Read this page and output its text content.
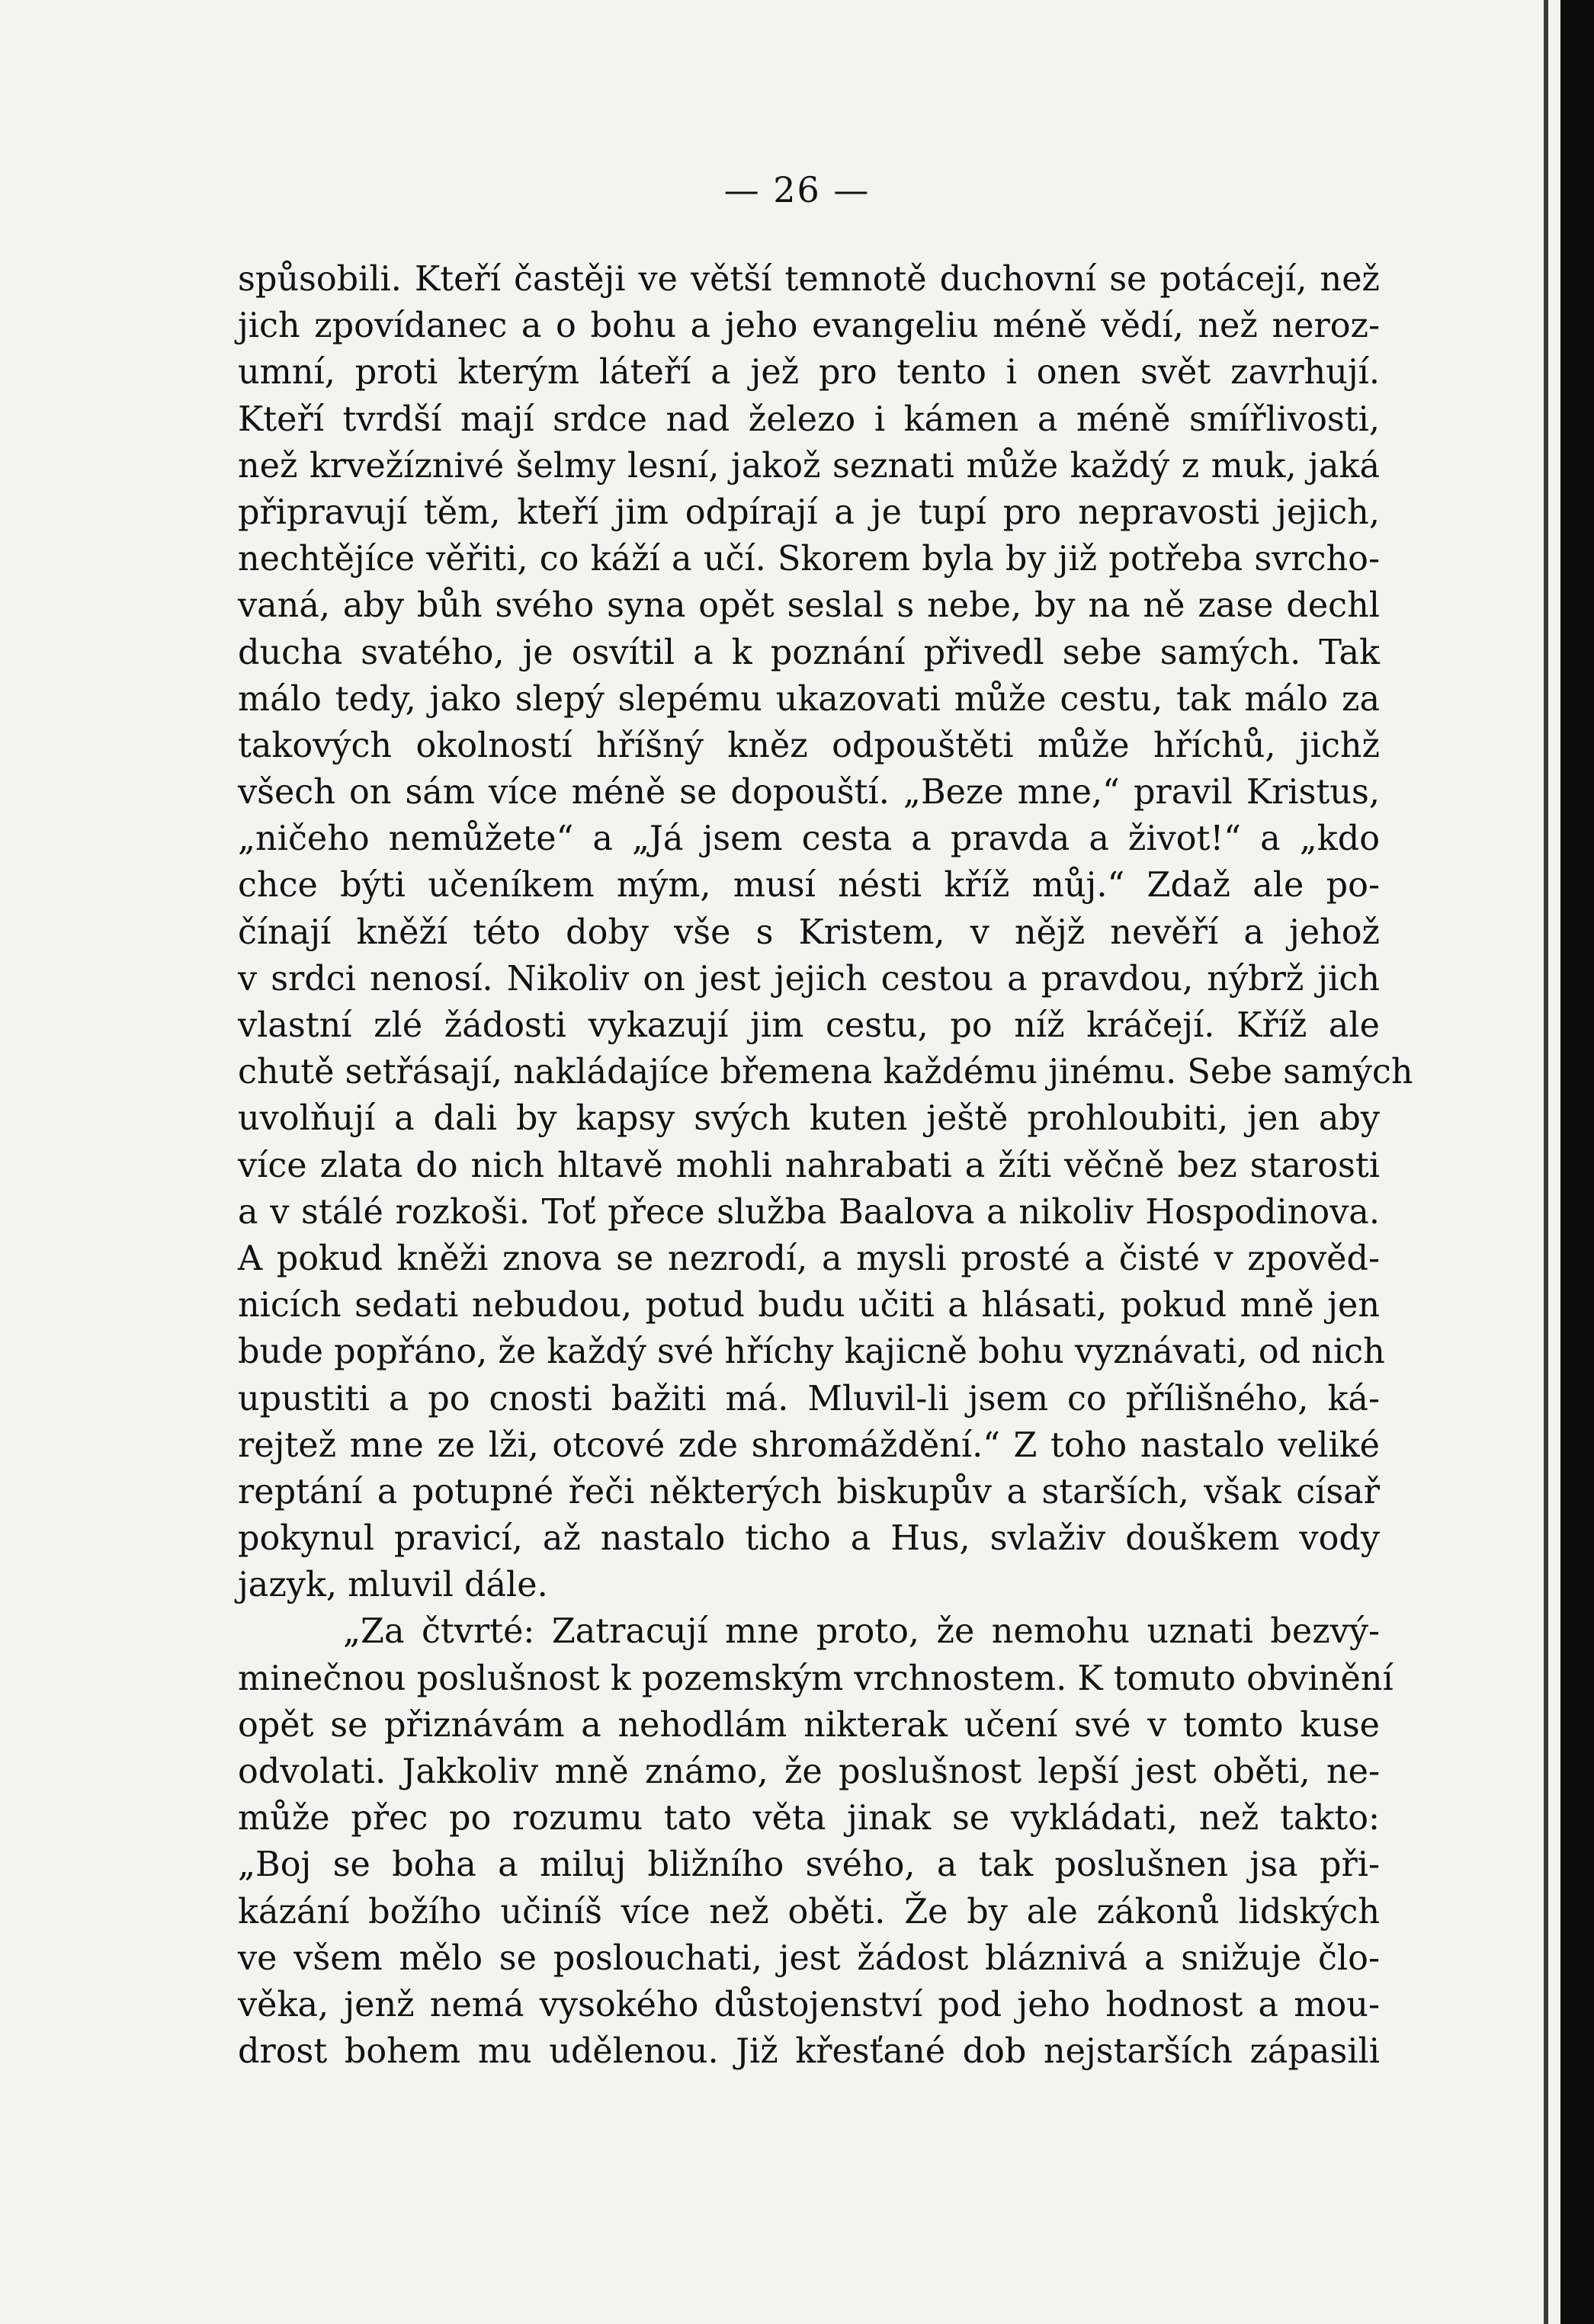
— 26 —
spůsobili. Kteří častěji ve větší temnotě duchovní se potácejí, než
jich zpovídanec a o bohu a jeho evangeliu méně vědí, než neroz-
umní, proti kterým láteří a jež pro tento i onen svět zavrhují.
Kteří tvrdší mají srdce nad železo i kámen a méně smířlivosti,
než krvežíznivé šelmy lesní, jakož seznati může každý z muk, jaká
připravují těm, kteří jim odpírají a je tupí pro nepravosti jejich,
nechtějíce věřiti, co káží a učí. Skorem byla by již potřeba svrcho-
vaná, aby bůh svého syna opět seslal s nebe, by na ně zase dechl
ducha svatého, je osvítil a k poznání přivedl sebe samých. Tak
málo tedy, jako slepý slepému ukazovati může cestu, tak málo za
takových okolností hříšný kněz odpouštěti může hříchů, jichž
všech on sám více méně se dopouští. „Beze mne,“ pravil Kristus,
„ničeho nemůžete“ a „Já jsem cesta a pravda a život!“ a „kdo
chce býti učeníkem mým, musí nésti kříž můj.“ Zdaž ale po-
čínají kněží této doby vše s Kristem, v nějž nevěří a jehož
v srdci nenosí. Nikoliv on jest jejich cestou a pravdou, nýbrž jich
vlastní zlé žádosti vykazují jim cestu, po níž kráčejí. Kříž ale
chutě setřásají, nakládajíce břemena každému jinému. Sebe samých
uvolňují a dali by kapsy svých kuten ještě prohloubiti, jen aby
více zlata do nich hltavě mohli nahrabati a žíti věčně bez starosti
a v stálé rozkoši. Toť přece služba Baalova a nikoliv Hospodinova.
A pokud kněži znova se nezrodí, a mysli prosté a čisté v zpověd-
nicích sedati nebudou, potud budu učiti a hlásati, pokud mně jen
bude popřáno, že každý své hříchy kajicně bohu vyznávati, od nich
upustiti a po cnosti bažiti má. Mluvil-li jsem co přílišného, ká-
rejtež mne ze lži, otcové zde shromáždění.“ Z toho nastalo veliké
reptání a potupné řeči některých biskupův a starších, však císař
pokynul pravicí, až nastalo ticho a Hus, svlaživ douškem vody
jazyk, mluvil dále.
„Za čtvrté: Zatracují mne proto, že nemohu uznati bezvý-
minečnou poslušnost k pozemským vrchnostem. K tomuto obvinění
opět se přiznávám a nehodlám nikterak učení své v tomto kuse
odvolati. Jakkoliv mně známo, že poslušnost lepší jest oběti, ne-
může přec po rozumu tato věta jinak se vykládati, než takto:
„Boj se boha a miluj bližního svého, a tak poslušnen jsa při-
kázání božího učiníš více než oběti. Že by ale zákonů lidských
ve všem mělo se poslouchati, jest žádost bláznivá a snižuje člo-
věka, jenž nemá vysokého důstojenství pod jeho hodnost a mou-
drost bohem mu udělenou. Již křesťané dob nejstarších zápasili
